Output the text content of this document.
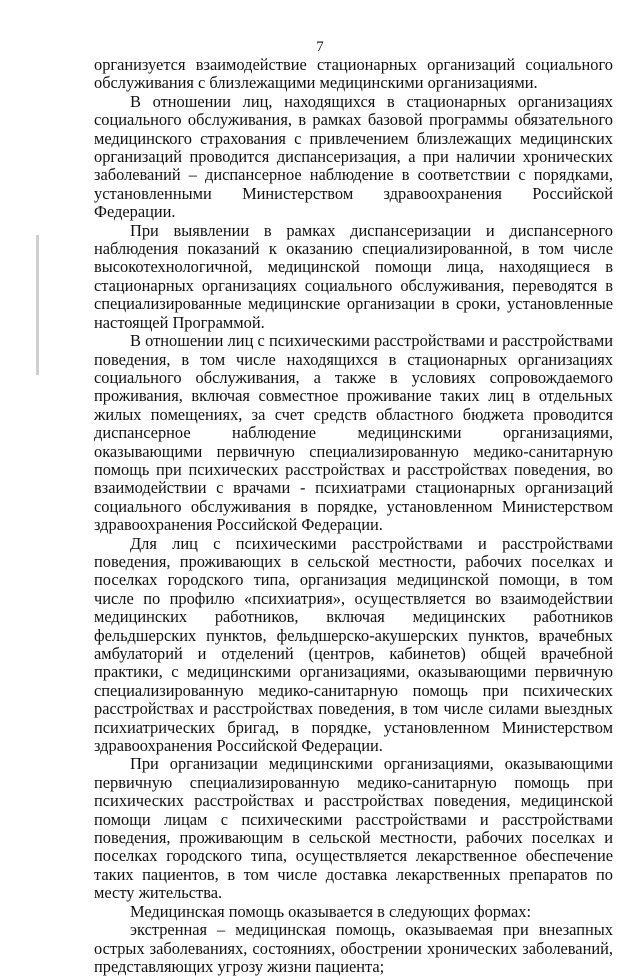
7

организуется взаимодействие стационарных организаций социального обслуживания с близлежащими медицинскими организациями.

В отношении лиц, находящихся в стационарных организациях социального обслуживания, в рамках базовой программы обязательного медицинского страхования с привлечением близлежащих медицинских организаций проводится диспансеризация, а при наличии хронических заболеваний – диспансерное наблюдение в соответствии с порядками, установленными Министерством здравоохранения Российской Федерации.

При выявлении в рамках диспансеризации и диспансерного наблюдения показаний к оказанию специализированной, в том числе высокотехнологичной, медицинской помощи лица, находящиеся в стационарных организациях социального обслуживания, переводятся в специализированные медицинские организации в сроки, установленные настоящей Программой.

В отношении лиц с психическими расстройствами и расстройствами поведения, в том числе находящихся в стационарных организациях социального обслуживания, а также в условиях сопровождаемого проживания, включая совместное проживание таких лиц в отдельных жилых помещениях, за счет средств областного бюджета проводится диспансерное наблюдение медицинскими организациями, оказывающими первичную специализированную медико-санитарную помощь при психических расстройствах и расстройствах поведения, во взаимодействии с врачами - психиатрами стационарных организаций социального обслуживания в порядке, установленном Министерством здравоохранения Российской Федерации.

Для лиц с психическими расстройствами и расстройствами поведения, проживающих в сельской местности, рабочих поселках и поселках городского типа, организация медицинской помощи, в том числе по профилю «психиатрия», осуществляется во взаимодействии медицинских работников, включая медицинских работников фельдшерских пунктов, фельдшерско-акушерских пунктов, врачебных амбулаторий и отделений (центров, кабинетов) общей врачебной практики, с медицинскими организациями, оказывающими первичную специализированную медико-санитарную помощь при психических расстройствах и расстройствах поведения, в том числе силами выездных психиатрических бригад, в порядке, установленном Министерством здравоохранения Российской Федерации.

При организации медицинскими организациями, оказывающими первичную специализированную медико-санитарную помощь при психических расстройствах и расстройствах поведения, медицинской помощи лицам с психическими расстройствами и расстройствами поведения, проживающим в сельской местности, рабочих поселках и поселках городского типа, осуществляется лекарственное обеспечение таких пациентов, в том числе доставка лекарственных препаратов по месту жительства.

Медицинская помощь оказывается в следующих формах:

экстренная – медицинская помощь, оказываемая при внезапных острых заболеваниях, состояниях, обострении хронических заболеваний, представляющих угрозу жизни пациента;
